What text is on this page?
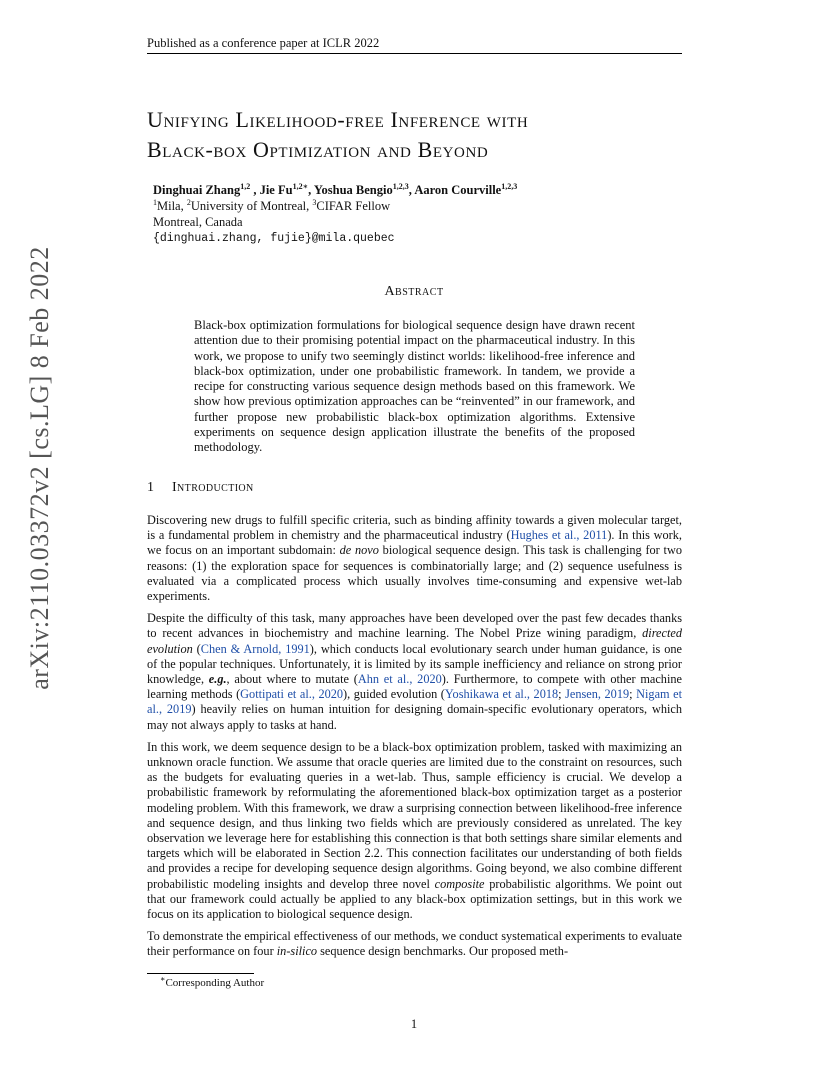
Published as a conference paper at ICLR 2022
arXiv:2110.03372v2 [cs.LG] 8 Feb 2022
Unifying Likelihood-free Inference with
Black-box Optimization and Beyond
Dinghuai Zhang$^{1,2}$ , Jie $Fu^{1,2∗}$, Yoshua Bengio$^{1,2,3}$, Aaron Courville$^{1,2,3}$
$^1$Mila, $^2$University of Montreal, $^3$CIFAR Fellow
Montreal, Canada
{dinghuai.zhang, fujie}@mila.quebec
Abstract
Black-box optimization formulations for biological sequence design have drawn recent attention due to their promising potential impact on the pharmaceutical industry. In this work, we propose to unify two seemingly distinct worlds: likelihood-free inference and black-box optimization, under one probabilistic framework. In tandem, we provide a recipe for constructing various sequence design methods based on this framework. We show how previous optimization approaches can be “reinvented” in our framework, and further propose new probabilistic black-box optimization algorithms. Extensive experiments on sequence design application illustrate the benefits of the proposed methodology.
1 Introduction

Discovering new drugs to fulfill specific criteria, such as binding affinity towards a given molecular target, is a fundamental problem in chemistry and the pharmaceutical industry (Hughes et al., 2011). In this work, we focus on an important subdomain: de novo biological sequence design. This task is challenging for two reasons: (1) the exploration space for sequences is combinatorially large; and (2) sequence usefulness is evaluated via a complicated process which usually involves time-consuming and expensive wet-lab experiments.

Despite the difficulty of this task, many approaches have been developed over the past few decades thanks to recent advances in biochemistry and machine learning. The Nobel Prize wining paradigm, directed evolution (Chen & Arnold, 1991), which conducts local evolutionary search under human guidance, is one of the popular techniques. Unfortunately, it is limited by its sample inefficiency and reliance on strong prior knowledge, e.g., about where to mutate (Ahn et al., 2020). Furthermore, to compete with other machine learning methods (Gottipati et al., 2020), guided evolution (Yoshikawa et al., 2018; Jensen, 2019; Nigam et al., 2019) heavily relies on human intuition for designing domain-specific evolutionary operators, which may not always apply to tasks at hand.

In this work, we deem sequence design to be a black-box optimization problem, tasked with maximizing an unknown oracle function. We assume that oracle queries are limited due to the constraint on resources, such as the budgets for evaluating queries in a wet-lab. Thus, sample efficiency is crucial. We develop a probabilistic framework by reformulating the aforementioned black-box optimization target as a posterior modeling problem. With this framework, we draw a surprising connection between likelihood-free inference and sequence design, and thus linking two fields which are previously considered as unrelated. The key observation we leverage here for establishing this connection is that both settings share similar elements and targets which will be elaborated in Section 2.2. This connection facilitates our understanding of both fields and provides a recipe for developing sequence design algorithms. Going beyond, we also combine different probabilistic modeling insights and develop three novel composite probabilistic algorithms. We point out that our framework could actually be applied to any black-box optimization settings, but in this work we focus on its application to biological sequence design.

To demonstrate the empirical effectiveness of our methods, we conduct systematical experiments to evaluate their performance on four in-silico sequence design benchmarks. Our proposed meth-

∗Corresponding Author
1
